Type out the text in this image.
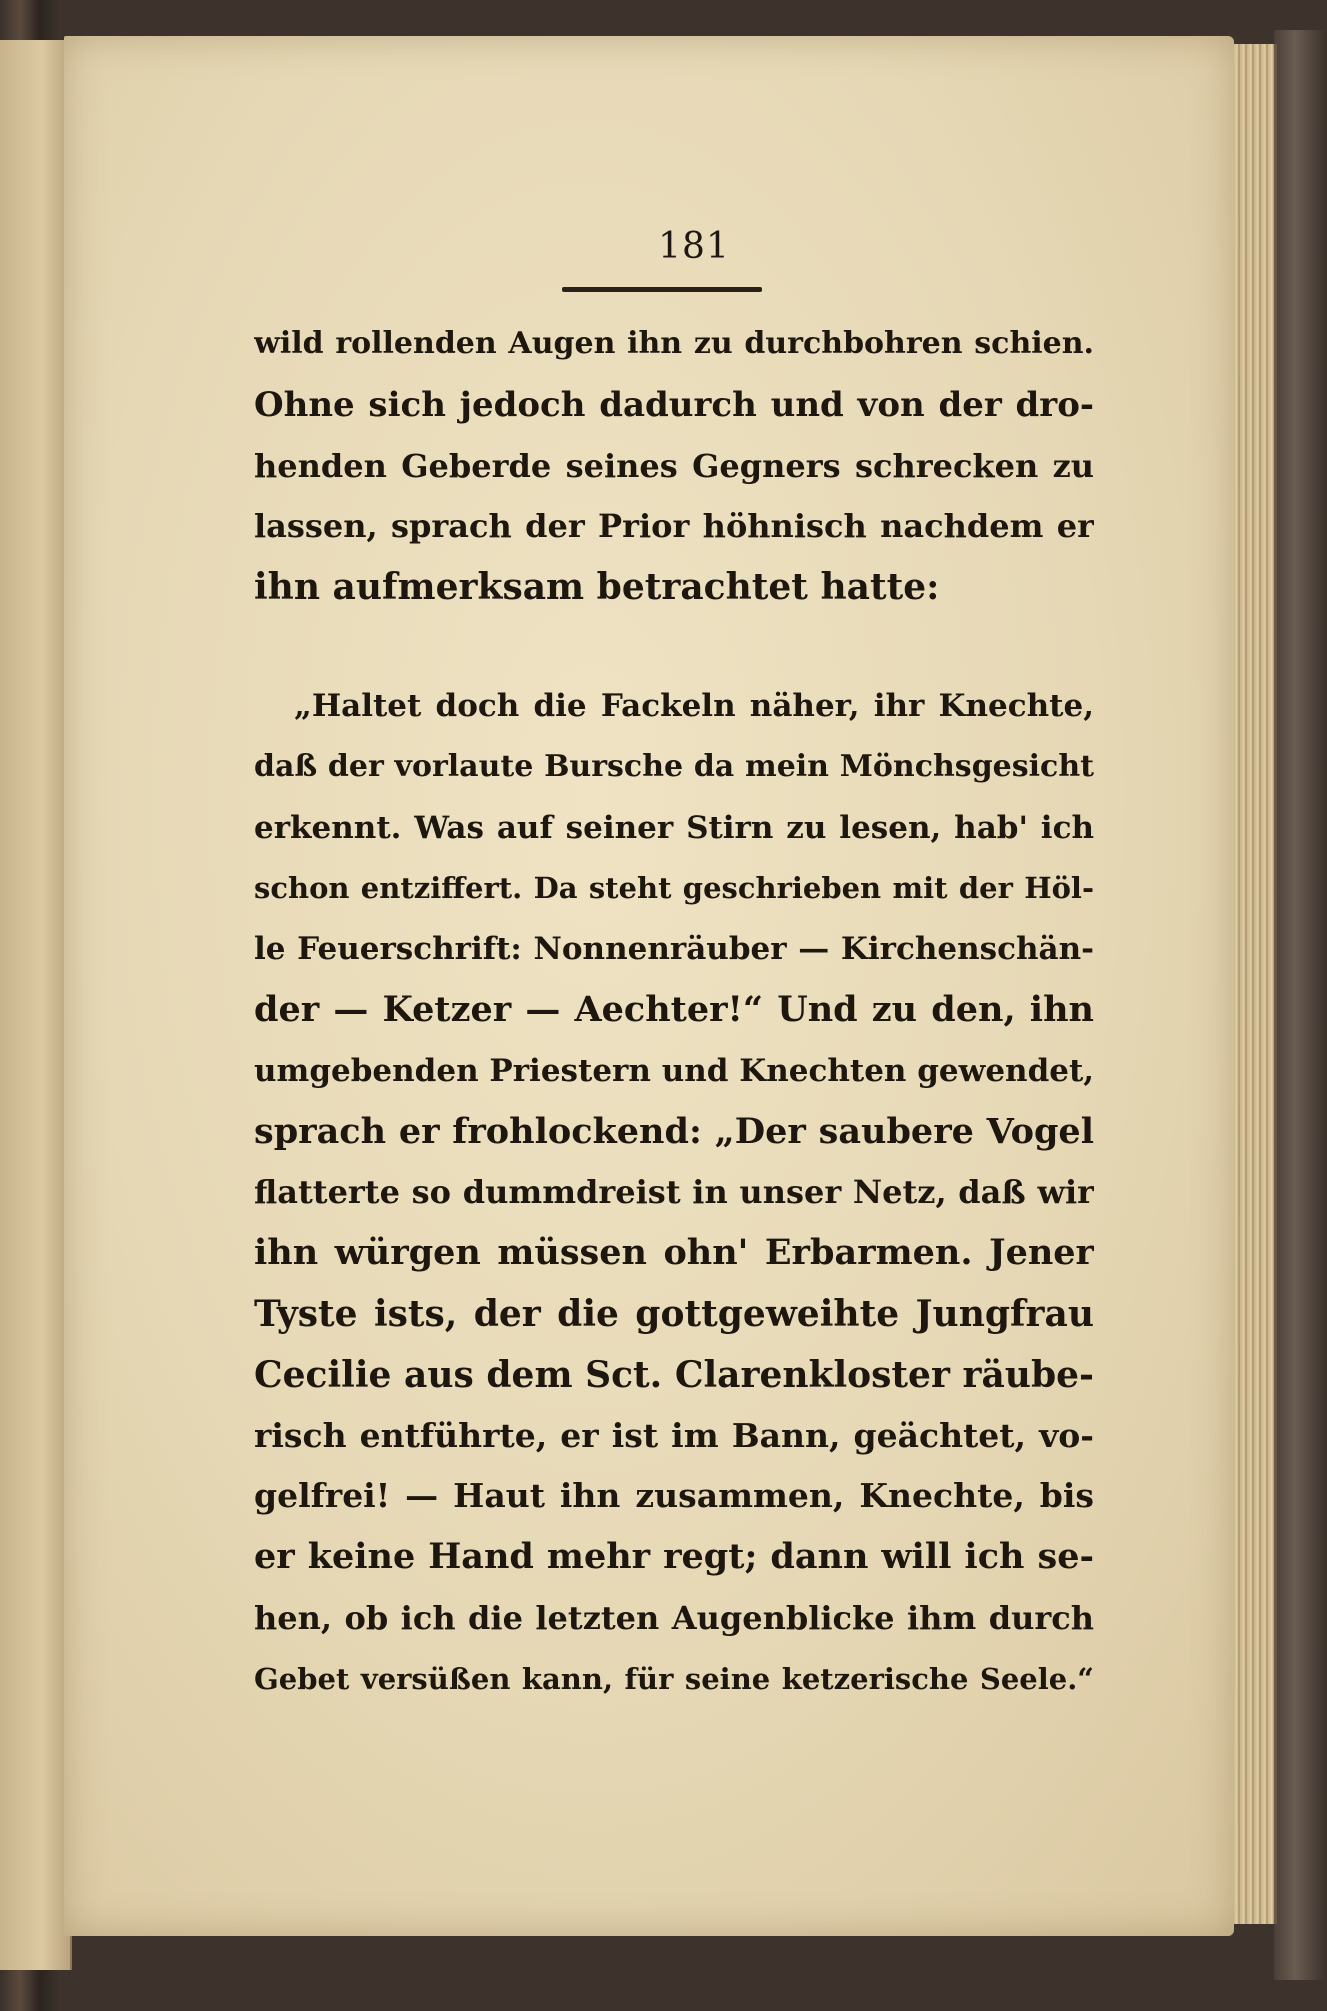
181
wild rollenden Augen ihn zu durchbohren schien.
Ohne sich jedoch dadurch und von der dro-
henden Geberde seines Gegners schrecken zu
lassen, sprach der Prior höhnisch nachdem er
ihn aufmerksam betrachtet hatte:
„Haltet doch die Fackeln näher, ihr Knechte,
daß der vorlaute Bursche da mein Mönchsgesicht
erkennt. Was auf seiner Stirn zu lesen, hab' ich
schon entziffert. Da steht geschrieben mit der Höl-
le Feuerschrift: Nonnenräuber — Kirchenschän-
der — Ketzer — Aechter!“ Und zu den, ihn
umgebenden Priestern und Knechten gewendet,
sprach er frohlockend: „Der saubere Vogel
flatterte so dummdreist in unser Netz, daß wir
ihn würgen müssen ohn' Erbarmen. Jener
Tyste ists, der die gottgeweihte Jungfrau
Cecilie aus dem Sct. Clarenkloster räube-
risch entführte, er ist im Bann, geächtet, vo-
gelfrei! — Haut ihn zusammen, Knechte, bis
er keine Hand mehr regt; dann will ich se-
hen, ob ich die letzten Augenblicke ihm durch
Gebet versüßen kann, für seine ketzerische Seele.“
